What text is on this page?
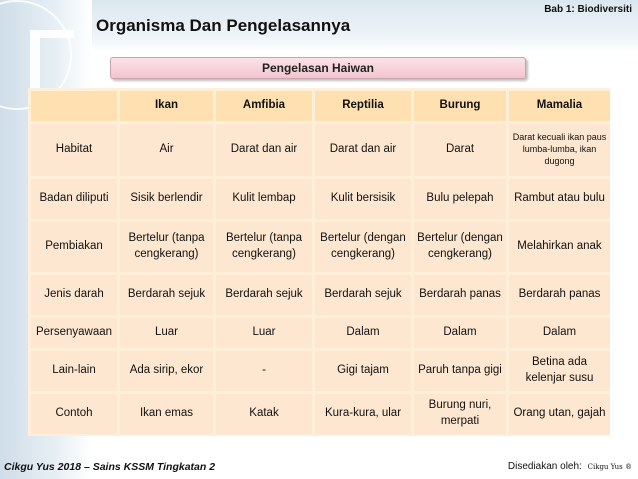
Organisma Dan Pengelasannya
Bab 1: Biodiversiti
Pengelasan Haiwan
	Ikan	Amfibia	Reptilia	Burung	Mamalia
Habitat	Air	Darat dan air	Darat dan air	Darat	Darat kecuali ikan paus lumba-lumba, ikan dugong
Badan diliputi	Sisik berlendir	Kulit lembap	Kulit bersisik	Bulu pelepah	Rambut atau bulu
Pembiakan	Bertelur (tanpa cengkerang)	Bertelur (tanpa cengkerang)	Bertelur (dengan cengkerang)	Bertelur (dengan cengkerang)	Melahirkan anak
Jenis darah	Berdarah sejuk	Berdarah sejuk	Berdarah sejuk	Berdarah panas	Berdarah panas
Persenyawaan	Luar	Luar	Dalam	Dalam	Dalam
Lain-lain	Ada sirip, ekor	-	Gigi tajam	Paruh tanpa gigi	Betina ada kelenjar susu
Contoh	Ikan emas	Katak	Kura-kura, ular	Burung nuri, merpati	Orang utan, gajah
Cikgu Yus 2018 – Sains KSSM Tingkatan 2	Disediakan oleh: Cikgu Yus ®
